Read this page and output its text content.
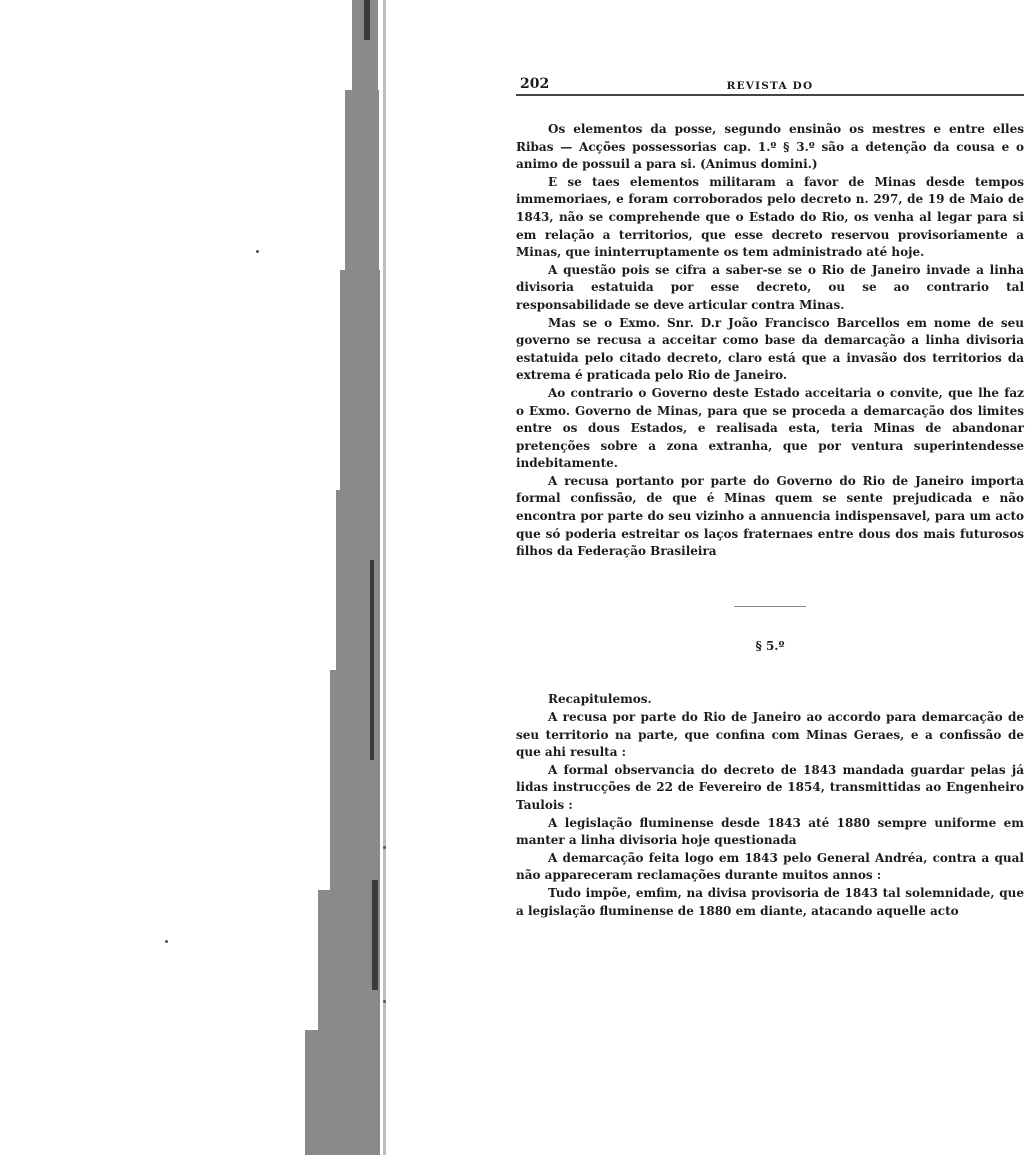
202	REVISTA DO

Os elementos da posse, segundo ensinão os mestres e entre elles Ribas — Acções possessorias cap. 1.º § 3.º são a detenção da cousa e o animo de possuil a para si. (Animus domini.)

E se taes elementos militaram a favor de Minas desde tempos immemoriaes, e foram corroborados pelo decreto n. 297, de 19 de Maio de 1843, não se comprehende que o Estado do Rio, os venha al legar para si em relação a territorios, que esse decreto reservou provisoriamente a Minas, que ininterruptamente os tem administrado até hoje.

A questão pois se cifra a saber-se se o Rio de Janeiro invade a linha divisoria estatuida por esse decreto, ou se ao contrario tal responsabilidade se deve articular contra Minas.

Mas se o Exmo. Snr. D.r João Francisco Barcellos em nome de seu governo se recusa a acceitar como base da demarcação a linha divisoria estatuida pelo citado decreto, claro está que a invasão dos territorios da extrema é praticada pelo Rio de Janeiro.

Ao contrario o Governo deste Estado acceitaria o convite, que lhe faz o Exmo. Governo de Minas, para que se proceda a demarcação dos limites entre os dous Estados, e realisada esta, teria Minas de abandonar pretenções sobre a zona extranha, que por ventura superintendesse indebitamente.

A recusa portanto por parte do Governo do Rio de Janeiro importa formal confissão, de que é Minas quem se sente prejudicada e não encontra por parte do seu vizinho a annuencia indispensavel, para um acto que só poderia estreitar os laços fraternaes entre dous dos mais futurosos filhos da Federação Brasileira

§ 5.º

Recapitulemos.

A recusa por parte do Rio de Janeiro ao accordo para demarcação de seu territorio na parte, que confina com Minas Geraes, e a confissão de que ahi resulta :

A formal observancia do decreto de 1843 mandada guardar pelas já lidas instrucções de 22 de Fevereiro de 1854, transmittidas ao Engenheiro Taulois :

A legislação fluminense desde 1843 até 1880 sempre uniforme em manter a linha divisoria hoje questionada

A demarcação feita logo em 1843 pelo General Andréa, contra a qual não appareceram reclamações durante muitos annos :

Tudo impõe, emfim, na divisa provisoria de 1843 tal solemnidade, que a legislação fluminense de 1880 em diante, atacando aquelle acto
